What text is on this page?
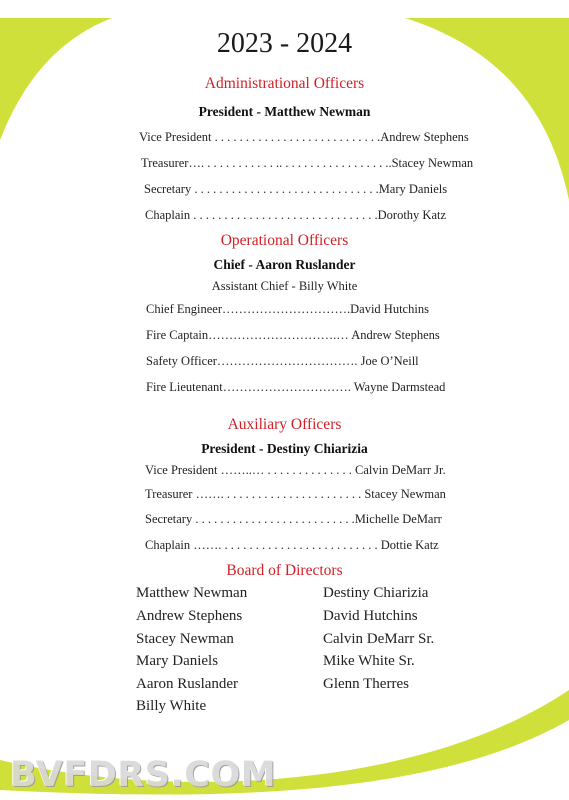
2023 - 2024
Administrational Officers
President - Matthew Newman
Vice President . . . . . . . . . . . . . . . . . . . . . . . . . . .Andrew Stephens
Treasurer…. . . . . . . . . . . . .. . . . . . . . . . . . . . . . . ..Stacey Newman
Secretary . . . . . . . . . . . . . . . . . . . . . . . . . . . . . .Mary Daniels
Chaplain . . . . . . . . . . . . . . . . . . . . . . . . . . . . . .Dorothy Katz
Operational Officers
Chief - Aaron Ruslander
Assistant Chief - Billy White
Chief Engineer………………………….David Hutchins
Fire Captain………………………….… Andrew Stephens
Safety Officer……………………………. Joe O’Neill
Fire Lieutenant…………………………. Wayne Darmstead
Auxiliary Officers
President - Destiny Chiarizia
Vice President ……..… . . . . . . . . . . . . . . Calvin DeMarr Jr.
Treasurer ……. . . . . . . . . . . . . . . . . . . . . . . Stacey Newman
Secretary . . . . . . . . . . . . . . . . . . . . . . . . . .Michelle DeMarr
Chaplain ……. . . . . . . . . . . . . . . . . . . . . . . . . . Dottie Katz
Board of Directors
Matthew Newman
Andrew Stephens
Stacey Newman
Mary Daniels
Aaron Ruslander
Billy White
Destiny Chiarizia
David Hutchins
Calvin DeMarr Sr.
Mike White Sr.
Glenn Therres
BVFDRS.COM
